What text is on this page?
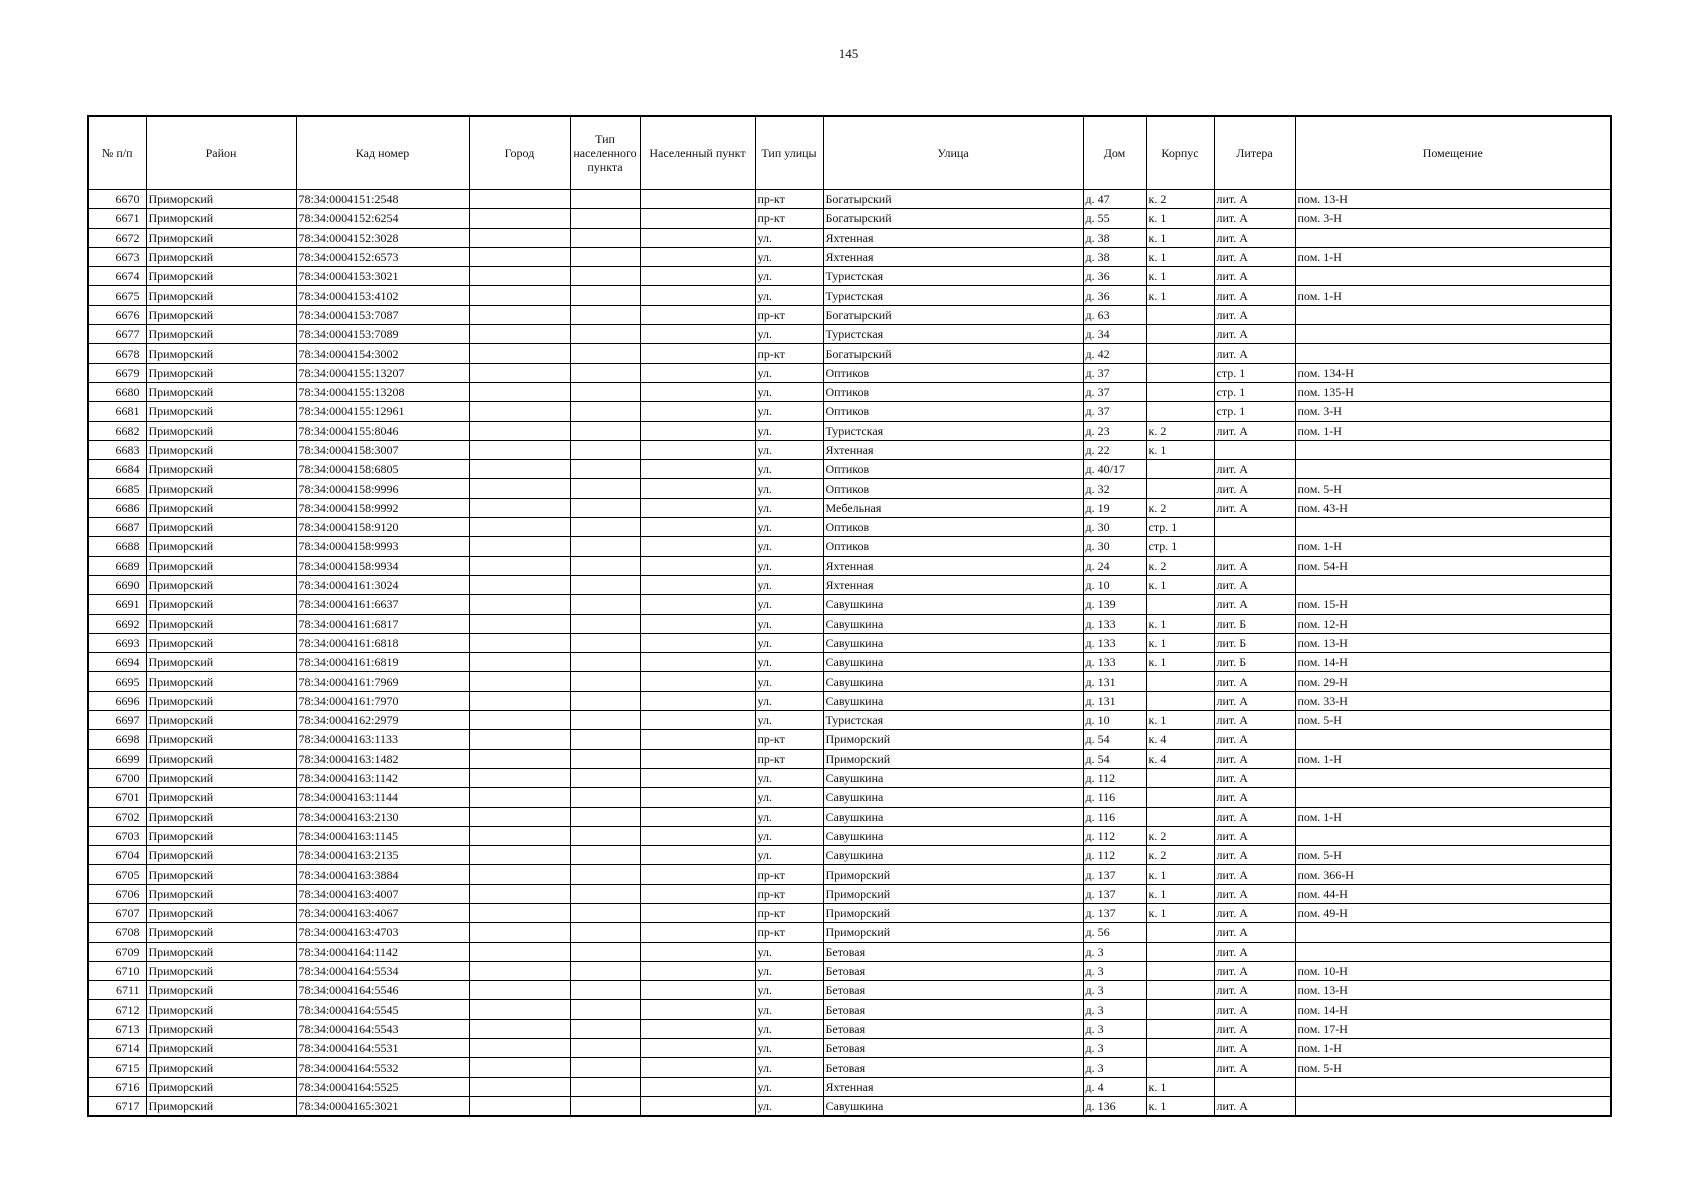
145
№ п/п	Район	Кад номер	Город	Тип населенного пункта	Населенный пункт	Тип улицы	Улица	Дом	Корпус	Литера	Помещение
6670	Приморский	78:34:0004151:2548				пр-кт	Богатырский	д. 47	к. 2	лит. А	пом. 13-Н
6671	Приморский	78:34:0004152:6254				пр-кт	Богатырский	д. 55	к. 1	лит. А	пом. 3-Н
6672	Приморский	78:34:0004152:3028				ул.	Яхтенная	д. 38	к. 1	лит. А	
6673	Приморский	78:34:0004152:6573				ул.	Яхтенная	д. 38	к. 1	лит. А	пом. 1-Н
6674	Приморский	78:34:0004153:3021				ул.	Туристская	д. 36	к. 1	лит. А	
6675	Приморский	78:34:0004153:4102				ул.	Туристская	д. 36	к. 1	лит. А	пом. 1-Н
6676	Приморский	78:34:0004153:7087				пр-кт	Богатырский	д. 63		лит. А	
6677	Приморский	78:34:0004153:7089				ул.	Туристская	д. 34		лит. А	
6678	Приморский	78:34:0004154:3002				пр-кт	Богатырский	д. 42		лит. А	
6679	Приморский	78:34:0004155:13207				ул.	Оптиков	д. 37		стр. 1	пом. 134-Н
6680	Приморский	78:34:0004155:13208				ул.	Оптиков	д. 37		стр. 1	пом. 135-Н
6681	Приморский	78:34:0004155:12961				ул.	Оптиков	д. 37		стр. 1	пом. 3-Н
6682	Приморский	78:34:0004155:8046				ул.	Туристская	д. 23	к. 2	лит. А	пом. 1-Н
6683	Приморский	78:34:0004158:3007				ул.	Яхтенная	д. 22	к. 1		
6684	Приморский	78:34:0004158:6805				ул.	Оптиков	д. 40/17		лит. А	
6685	Приморский	78:34:0004158:9996				ул.	Оптиков	д. 32		лит. А	пом. 5-Н
6686	Приморский	78:34:0004158:9992				ул.	Мебельная	д. 19	к. 2	лит. А	пом. 43-Н
6687	Приморский	78:34:0004158:9120				ул.	Оптиков	д. 30	стр. 1		
6688	Приморский	78:34:0004158:9993				ул.	Оптиков	д. 30	стр. 1		пом. 1-Н
6689	Приморский	78:34:0004158:9934				ул.	Яхтенная	д. 24	к. 2	лит. А	пом. 54-Н
6690	Приморский	78:34:0004161:3024				ул.	Яхтенная	д. 10	к. 1	лит. А	
6691	Приморский	78:34:0004161:6637				ул.	Савушкина	д. 139		лит. А	пом. 15-Н
6692	Приморский	78:34:0004161:6817				ул.	Савушкина	д. 133	к. 1	лит. Б	пом. 12-Н
6693	Приморский	78:34:0004161:6818				ул.	Савушкина	д. 133	к. 1	лит. Б	пом. 13-Н
6694	Приморский	78:34:0004161:6819				ул.	Савушкина	д. 133	к. 1	лит. Б	пом. 14-Н
6695	Приморский	78:34:0004161:7969				ул.	Савушкина	д. 131		лит. А	пом. 29-Н
6696	Приморский	78:34:0004161:7970				ул.	Савушкина	д. 131		лит. А	пом. 33-Н
6697	Приморский	78:34:0004162:2979				ул.	Туристская	д. 10	к. 1	лит. А	пом. 5-Н
6698	Приморский	78:34:0004163:1133				пр-кт	Приморский	д. 54	к. 4	лит. А	
6699	Приморский	78:34:0004163:1482				пр-кт	Приморский	д. 54	к. 4	лит. А	пом. 1-Н
6700	Приморский	78:34:0004163:1142				ул.	Савушкина	д. 112		лит. А	
6701	Приморский	78:34:0004163:1144				ул.	Савушкина	д. 116		лит. А	
6702	Приморский	78:34:0004163:2130				ул.	Савушкина	д. 116		лит. А	пом. 1-Н
6703	Приморский	78:34:0004163:1145				ул.	Савушкина	д. 112	к. 2	лит. А	
6704	Приморский	78:34:0004163:2135				ул.	Савушкина	д. 112	к. 2	лит. А	пом. 5-Н
6705	Приморский	78:34:0004163:3884				пр-кт	Приморский	д. 137	к. 1	лит. А	пом. 366-Н
6706	Приморский	78:34:0004163:4007				пр-кт	Приморский	д. 137	к. 1	лит. А	пом. 44-Н
6707	Приморский	78:34:0004163:4067				пр-кт	Приморский	д. 137	к. 1	лит. А	пом. 49-Н
6708	Приморский	78:34:0004163:4703				пр-кт	Приморский	д. 56		лит. А	
6709	Приморский	78:34:0004164:1142				ул.	Бетовая	д. 3		лит. А	
6710	Приморский	78:34:0004164:5534				ул.	Бетовая	д. 3		лит. А	пом. 10-Н
6711	Приморский	78:34:0004164:5546				ул.	Бетовая	д. 3		лит. А	пом. 13-Н
6712	Приморский	78:34:0004164:5545				ул.	Бетовая	д. 3		лит. А	пом. 14-Н
6713	Приморский	78:34:0004164:5543				ул.	Бетовая	д. 3		лит. А	пом. 17-Н
6714	Приморский	78:34:0004164:5531				ул.	Бетовая	д. 3		лит. А	пом. 1-Н
6715	Приморский	78:34:0004164:5532				ул.	Бетовая	д. 3		лит. А	пом. 5-Н
6716	Приморский	78:34:0004164:5525				ул.	Яхтенная	д. 4	к. 1		
6717	Приморский	78:34:0004165:3021				ул.	Савушкина	д. 136	к. 1	лит. А	
